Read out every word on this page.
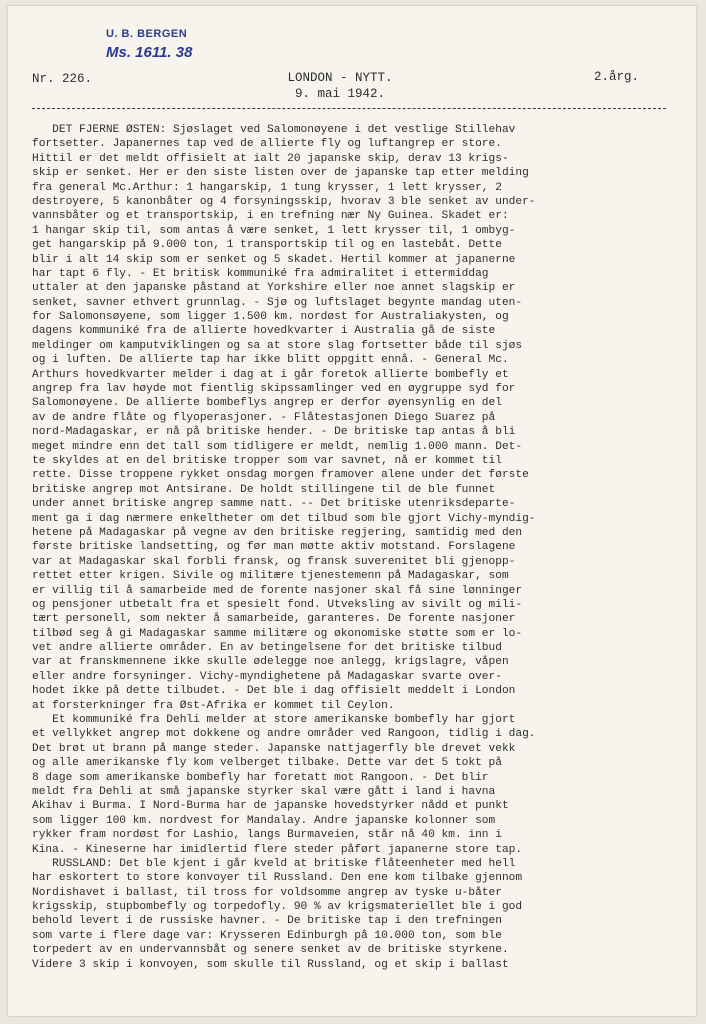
U. B. BERGEN
Ms. 1611. 38
Nr. 226.	LONDON - NYTT.
9. mai 1942.
2.årg.
DET FJERNE ØSTEN: Sjøslaget ved Salomonøyene i det vestlige Stillehav
fortsetter. Japanernes tap ved de allierte fly og luftangrep er store.
Hittil er det meldt offisielt at ialt 20 japanske skip, derav 13 krigs-
skip er senket. Her er den siste listen over de japanske tap etter melding
fra general Mc.Arthur: 1 hangarskip, 1 tung krysser, 1 lett krysser, 2
destroyere, 5 kanonbåter og 4 forsyningsskip, hvorav 3 ble senket av under-
vannsbåter og et transportskip, i en trefning nær Ny Guinea. Skadet er:
1 hangar skip til, som antas å være senket, 1 lett krysser til, 1 ombyg-
get hangarskip på 9.000 ton, 1 transportskip til og en lastebåt. Dette
blir i alt 14 skip som er senket og 5 skadet. Hertil kommer at japanerne
har tapt 6 fly. - Et britisk kommuniké fra admiralitet i ettermiddag
uttaler at den japanske påstand at Yorkshire eller noe annet slagskip er
senket, savner ethvert grunnlag. - Sjø og luftslaget begynte mandag uten-
for Salomonsøyene, som ligger 1.500 km. nordøst for Australiakysten, og
dagens kommuniké fra de allierte hovedkvarter i Australia gå de siste
meldinger om kamputviklingen og sa at store slag fortsetter både til sjøs
og i luften. De allierte tap har ikke blitt oppgitt ennå. - General Mc.
Arthurs hovedkvarter melder i dag at i går foretok allierte bombefly et
angrep fra lav høyde mot fientlig skipssamlinger ved en øygruppe syd for
Salomonøyene. De allierte bombeflys angrep er derfor øyensynlig en del
av de andre flåte og flyoperasjoner. - Flåtestasjonen Diego Suarez på
nord-Madagaskar, er nå på britiske hender. - De britiske tap antas å bli
meget mindre enn det tall som tidligere er meldt, nemlig 1.000 mann. Det-
te skyldes at en del britiske tropper som var savnet, nå er kommet til
rette. Disse troppene rykket onsdag morgen framover alene under det første
britiske angrep mot Antsirane. De holdt stillingene til de ble funnet
under annet britiske angrep samme natt. -- Det britiske utenriksdeparte-
ment ga i dag nærmere enkeltheter om det tilbud som ble gjort Vichy-myndig-
hetene på Madagaskar på vegne av den britiske regjering, samtidig med den
første britiske landsetting, og før man møtte aktiv motstand. Forslagene
var at Madagaskar skal forbli fransk, og fransk suverenitet bli gjenopp-
rettet etter krigen. Sivile og militære tjenestemenn på Madagaskar, som
er villig til å samarbeide med de forente nasjoner skal få sine lønninger
og pensjoner utbetalt fra et spesielt fond. Utveksling av sivilt og mili-
tært personell, som nekter å samarbeide, garanteres. De forente nasjoner
tilbød seg å gi Madagaskar samme militære og økonomiske støtte som er lo-
vet andre allierte områder. En av betingelsene for det britiske tilbud
var at franskmennene ikke skulle ødelegge noe anlegg, krigslagre, våpen
eller andre forsyninger. Vichy-myndighetene på Madagaskar svarte over-
hodet ikke på dette tilbudet. - Det ble i dag offisielt meddelt i London
at forsterkninger fra Øst-Afrika er kommet til Ceylon.
Et kommuniké fra Dehli melder at store amerikanske bombefly har gjort
et vellykket angrep mot dokkene og andre områder ved Rangoon, tidlig i dag.
Det brøt ut brann på mange steder. Japanske nattjagerfly ble drevet vekk
og alle amerikanske fly kom velberget tilbake. Dette var det 5 tokt på
8 dage som amerikanske bombefly har foretatt mot Rangoon. - Det blir
meldt fra Dehli at små japanske styrker skal være gått i land i havna
Akihav i Burma. I Nord-Burma har de japanske hovedstyrker nådd et punkt
som ligger 100 km. nordvest for Mandalay. Andre japanske kolonner som
rykker fram nordøst for Lashio, langs Burmaveien, står nå 40 km. inn i
Kina. - Kineserne har imidlertid flere steder påført japanerne store tap.
RUSSLAND: Det ble kjent i går kveld at britiske flåteenheter med hell
har eskortert to store konvoyer til Russland. Den ene kom tilbake gjennom
Nordishavet i ballast, til tross for voldsomme angrep av tyske u-båter
krigsskip, stupbombefly og torpedofly. 90 % av krigsmateriellet ble i god
behold levert i de russiske havner. - De britiske tap i den trefningen
som varte i flere dage var: Krysseren Edinburgh på 10.000 ton, som ble
torpedert av en undervannsbåt og senere senket av de britiske styrkene.
Videre 3 skip i konvoyen, som skulle til Russland, og et skip i ballast
